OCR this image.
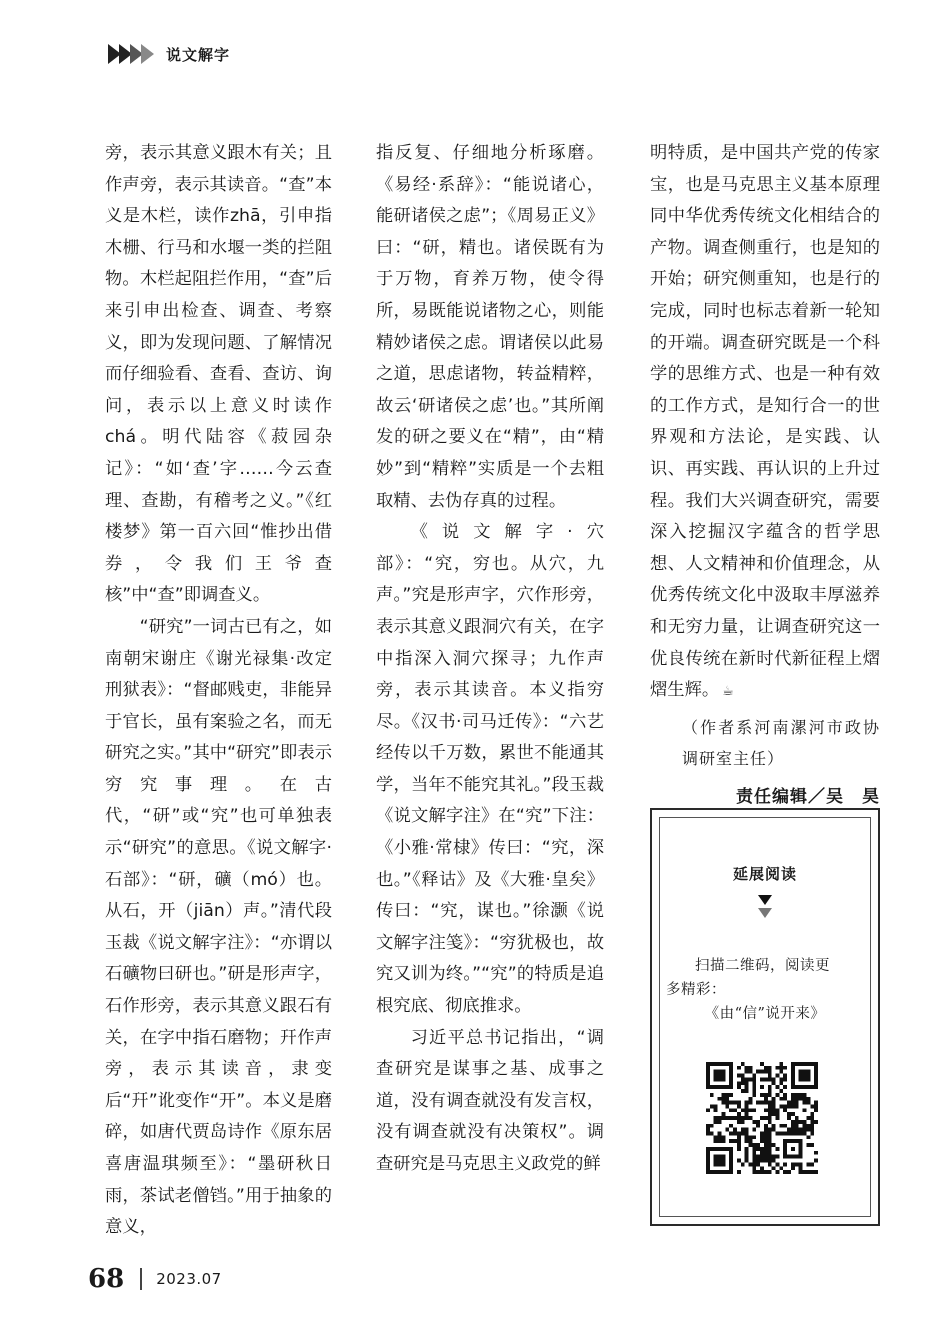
说文解字

旁，表示其意义跟木有关；且作声旁，表示其读音。“查”本义是木栏，读作zhā，引申指木栅、行马和水堰一类的拦阻物。木栏起阻拦作用，“查”后来引申出检查、调查、考察义，即为发现问题、了解情况而仔细验看、查看、查访、询问，表示以上意义时读作chá。明代陆容《菽园杂记》：“如‘查’字……今云查理、查勘，有稽考之义。”《红楼梦》第一百六回“惟抄出借券，令我们王爷查核”中“查”即调查义。

“研究”一词古已有之，如南朝宋谢庄《谢光禄集·改定刑狱表》：“督邮贱吏，非能异于官长，虽有案验之名，而无研究之实。”其中“研究”即表示穷究事理。在古代，“研”或“究”也可单独表示“研究”的意思。《说文解字·石部》：“研，礦（mó）也。从石，开（jiān）声。”清代段玉裁《说文解字注》：“亦谓以石礦物曰研也。”研是形声字，石作形旁，表示其意义跟石有关，在字中指石磨物；幵作声旁，表示其读音，隶变后“幵”讹变作“开”。本义是磨碎，如唐代贾岛诗作《原东居喜唐温琪频至》：“墨研秋日雨，茶试老僧铛。”用于抽象的意义，

指反复、仔细地分析琢磨。《易经·系辞》：“能说诸心，能研诸侯之虑”；《周易正义》曰：“研，精也。诸侯既有为于万物，育养万物，使令得所，易既能说诸物之心，则能精妙诸侯之虑。谓诸侯以此易之道，思虑诸物，转益精粹，故云‘研诸侯之虑’也。”其所阐发的研之要义在“精”，由“精妙”到“精粹”实质是一个去粗取精、去伪存真的过程。

《说文解字·穴部》：“究，穷也。从穴，九声。”究是形声字，穴作形旁，表示其意义跟洞穴有关，在字中指深入洞穴探寻；九作声旁，表示其读音。本义指穷尽。《汉书·司马迁传》：“六艺经传以千万数，累世不能通其学，当年不能究其礼。”段玉裁《说文解字注》在“究”下注：《小雅·常棣》传曰：“究，深也。”《释诂》及《大雅·皇矣》传曰：“究，谋也。”徐灏《说文解字注笺》：“穷犹极也，故究又训为终。”“究”的特质是追根究底、彻底推求。

习近平总书记指出，“调查研究是谋事之基、成事之道，没有调查就没有发言权，没有调查就没有决策权”。调查研究是马克思主义政党的鲜

明特质，是中国共产党的传家宝，也是马克思主义基本原理同中华优秀传统文化相结合的产物。调查侧重行，也是知的开始；研究侧重知，也是行的完成，同时也标志着新一轮知的开端。调查研究既是一个科学的思维方式、也是一种有效的工作方式，是知行合一的世界观和方法论，是实践、认识、再实践、再认识的上升过程。我们大兴调查研究，需要深入挖掘汉字蕴含的哲学思想、人文精神和价值理念，从优秀传统文化中汲取丰厚滋养和无穷力量，让调查研究这一优良传统在新时代新征程上熠熠生辉。 ☕

（作者系河南漯河市政协调研室主任）
责任编辑／吴　昊
延展阅读
扫描二维码，阅读更
多精彩：
《由“信”说开来》
68 2023.07
